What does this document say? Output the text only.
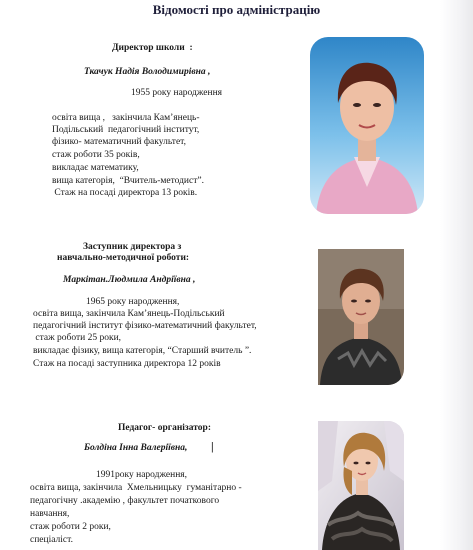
Відомості про адміністрацію
Директор школи  :
Ткачук Надія Володимирівна ,
1955 року народження
освіта вища ,   закінчила Кам’янець-
Подільський  педагогічний інститут,
фізико- математичний факультет,
стаж роботи 35 років,
викладає математику,
вища категорія,  “Вчитель-методист”.
Стаж на посаді директора 13 років.
Заступник директора з
навчально-методичної роботи:
Маркітан.Людмила Андріївна ,
1965 року народження,
освіта вища, закінчила Кам’янець-Подільський
педагогічний інститут фізико-математичний факультет,
стаж роботи 25 роки,
викладає фізику, вища категорія, “Старший вчитель ”.
Стаж на посаді заступника директора 12 років
Педагог- організатор:
Болдіна Інна Валеріївна, |
1991року народження,
освіта вища, закінчила  Хмельницьку  гуманітарно -
педагогічну .академію , факультет початкового
навчання,
стаж роботи 2 роки,
спеціаліст.
